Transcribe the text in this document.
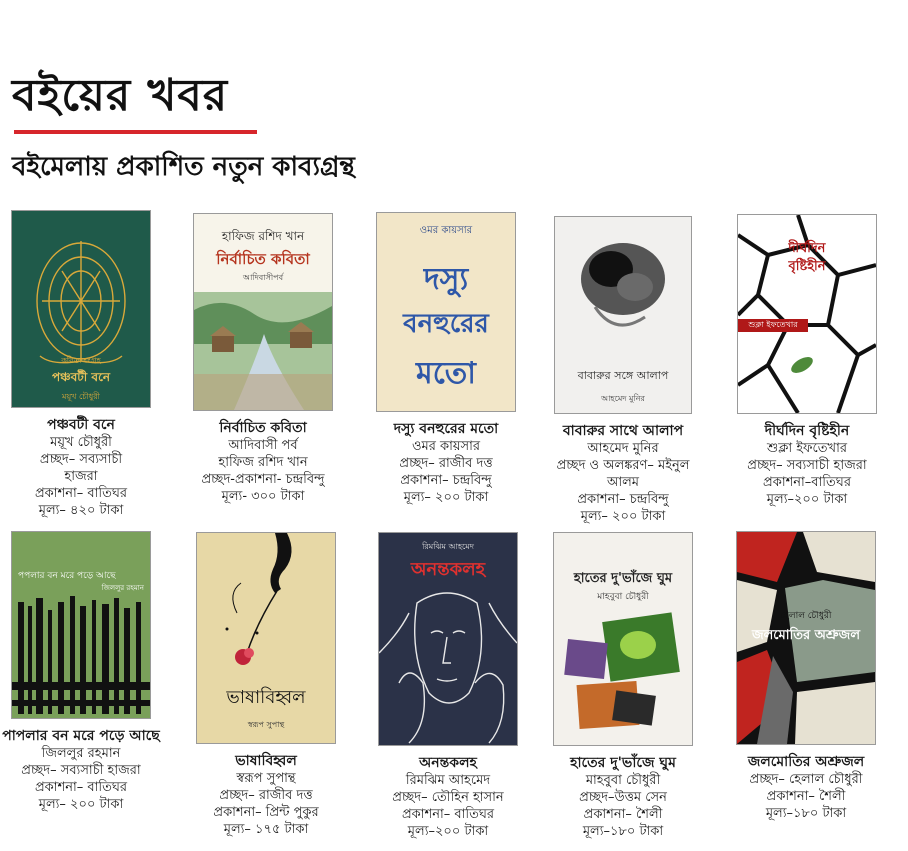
বইয়ের খবর
বইমেলায় প্রকাশিত নতুন কাব্যগ্রন্থ
কবিতাসংগ্রহ
পঞ্চবটী বনে
ময়ূখ চৌধুরী
পঞ্চবটী বনে
ময়ূখ চৌধুরী
প্রচ্ছদ– সব্যসাচী
হাজরা
প্রকাশনা– বাতিঘর
মূল্য– ৪২০ টাকা
হাফিজ রশিদ খান
নির্বাচিত কবিতা
আদিবাসীপর্ব
নির্বাচিত কবিতা
আদিবাসী পর্ব
হাফিজ রশিদ খান
প্রচ্ছদ-প্রকাশনা- চন্দ্রবিন্দু
মূল্য- ৩০০ টাকা
ওমর কায়সার
দস্যু
বনহুরের
মতো
দস্যু বনহুরের মতো
ওমর কায়সার
প্রচ্ছদ– রাজীব দত্ত
প্রকাশনা– চন্দ্রবিন্দু
মূল্য– ২০০ টাকা
বাবারুর সঙ্গে আলাপ
আহমেদ মুনির
বাবারুর সাথে আলাপ
আহমেদ মুনির
প্রচ্ছদ ও অলঙ্করণ– মইনুল
আলম
প্রকাশনা– চন্দ্রবিন্দু
মূল্য– ২০০ টাকা
দীর্ঘদিন
বৃষ্টিহীন
শুক্লা ইফতেখার
দীর্ঘদিন বৃষ্টিহীন
শুক্লা ইফতেখার
প্রচ্ছদ– সব্যসাচী হাজরা
প্রকাশনা–বাতিঘর
মূল্য–২০০ টাকা
পপলার বন মরে পড়ে আছে
জিললুর রহমান
পাপলার বন মরে পড়ে আছে
জিললুর রহমান
প্রচ্ছদ– সব্যসাচী হাজরা
প্রকাশনা– বাতিঘর
মূল্য– ২০০ টাকা
ভাষাবিহ্বল
স্বরূপ সুপান্থ
ভাষাবিহ্বল
স্বরূপ সুপান্থ
প্রচ্ছদ– রাজীব দত্ত
প্রকাশনা– প্রিন্ট পুকুর
মূল্য– ১৭৫ টাকা
রিমঝিম আহমেদ
অনন্তকলহ
অনন্তকলহ
রিমঝিম আহমেদ
প্রচ্ছদ– তৌহিন হাসান
প্রকাশনা– বাতিঘর
মূল্য–২০০ টাকা
হাতের দু'ভাঁজে ঘুম
মাহবুবা চৌধুরী
হাতের দু'ভাঁজে ঘুম
মাহবুবা চৌধুরী
প্রচ্ছদ–উত্তম সেন
প্রকাশনা– শৈলী
মূল্য–১৮০ টাকা
হেলাল চৌধুরী
জলমোতির অশ্রুজল
জলমোতির অশ্রুজল
প্রচ্ছদ– হেলাল চৌধুরী
প্রকাশনা– শৈলী
মূল্য–১৮০ টাকা
